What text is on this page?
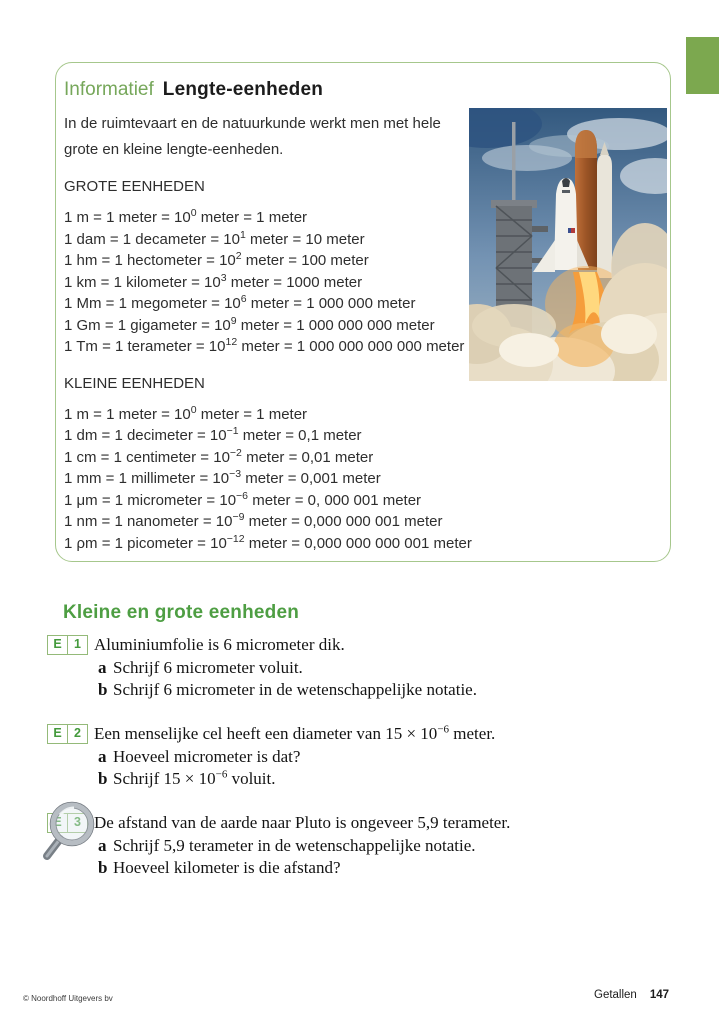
Informatief Lengte-eenheden
In de ruimtevaart en de natuurkunde werkt men met hele
grote en kleine lengte-eenheden.
GROTE EENHEDEN
1 m = 1 meter = $10^0$ meter = 1 meter
1 dam = 1 decameter = $10^1$ meter = 10 meter
1 hm = 1 hectometer = $10^2$ meter = 100 meter
1 km = 1 kilometer = $10^3$ meter = 1000 meter
1 Mm = 1 megometer = $10^6$ meter = 1 000 000 meter
1 Gm = 1 gigameter = $10^9$ meter = 1 000 000 000 meter
1 Tm = 1 terameter = $10^{12}$ meter = 1 000 000 000 000 meter
KLEINE EENHEDEN
1 m = 1 meter = $10^0$ meter = 1 meter
1 dm = 1 decimeter = $10^{-1}$ meter = 0,1 meter
1 cm = 1 centimeter = $10^{-2}$ meter = 0,01 meter
1 mm = 1 millimeter = $10^{-3}$ meter = 0,001 meter
1 μm = 1 micrometer = $10^{-6}$ meter = 0, 000 001 meter
1 nm = 1 nanometer = $10^{-9}$ meter = 0,000 000 001 meter
1 ρm = 1 picometer = $10^{-12}$ meter = 0,000 000 000 001 meter
Kleine en grote eenheden
E 1 Aluminiumfolie is 6 micrometer dik.
a Schrijf 6 micrometer voluit.
b Schrijf 6 micrometer in de wetenschappelijke notatie.
E 2 Een menselijke cel heeft een diameter van $15 \times 10^{-6}$ meter.
a Hoeveel micrometer is dat?
b Schrijf $15 \times 10^{-6}$ voluit.
E 3 De afstand van de aarde naar Pluto is ongeveer 5,9 terameter.
a Schrijf 5,9 terameter in de wetenschappelijke notatie.
b Hoeveel kilometer is die afstand?
© Noordhoff Uitgevers bv	Getallen 147
